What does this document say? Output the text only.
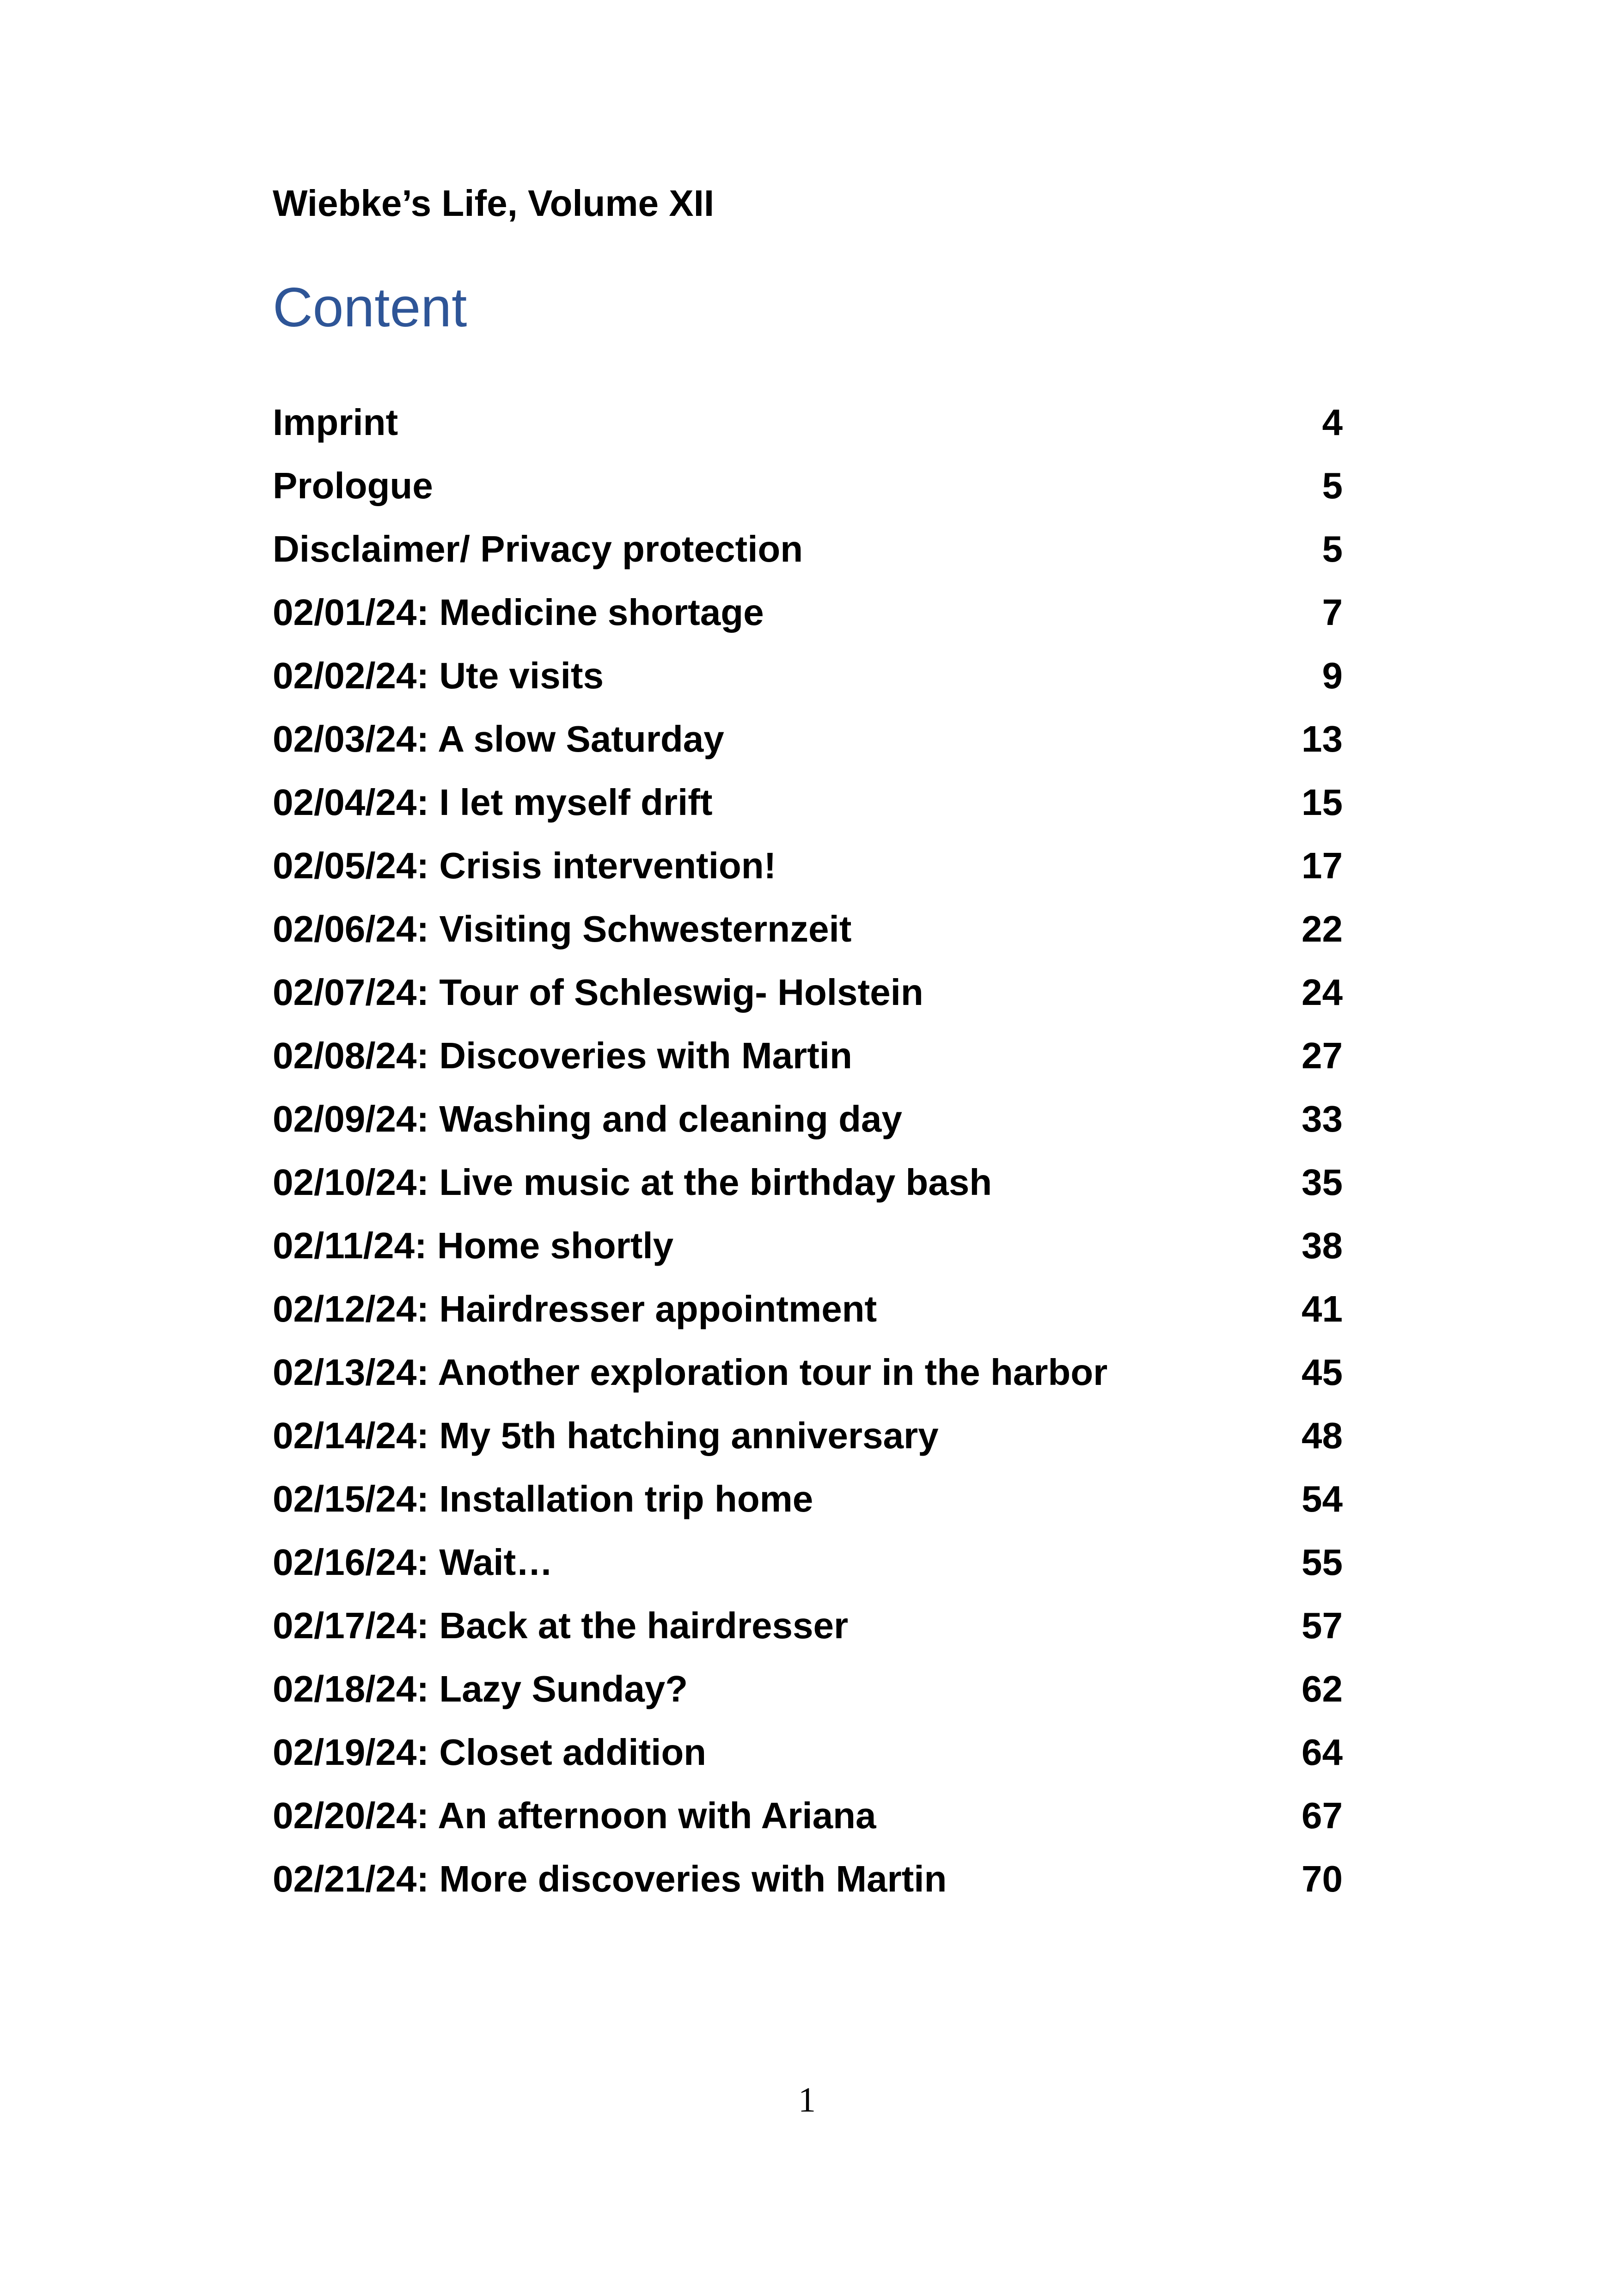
Wiebke’s Life, Volume XII
Content
Imprint	4
Prologue	5
Disclaimer/ Privacy protection	5
02/01/24: Medicine shortage	7
02/02/24: Ute visits	9
02/03/24: A slow Saturday	13
02/04/24: I let myself drift	15
02/05/24: Crisis intervention!	17
02/06/24: Visiting Schwesternzeit	22
02/07/24: Tour of Schleswig- Holstein	24
02/08/24: Discoveries with Martin	27
02/09/24: Washing and cleaning day	33
02/10/24: Live music at the birthday bash	35
02/11/24: Home shortly	38
02/12/24: Hairdresser appointment	41
02/13/24: Another exploration tour in the harbor	45
02/14/24: My 5th hatching anniversary	48
02/15/24: Installation trip home	54
02/16/24: Wait…	55
02/17/24: Back at the hairdresser	57
02/18/24: Lazy Sunday?	62
02/19/24: Closet addition	64
02/20/24: An afternoon with Ariana	67
02/21/24: More discoveries with Martin	70
1
